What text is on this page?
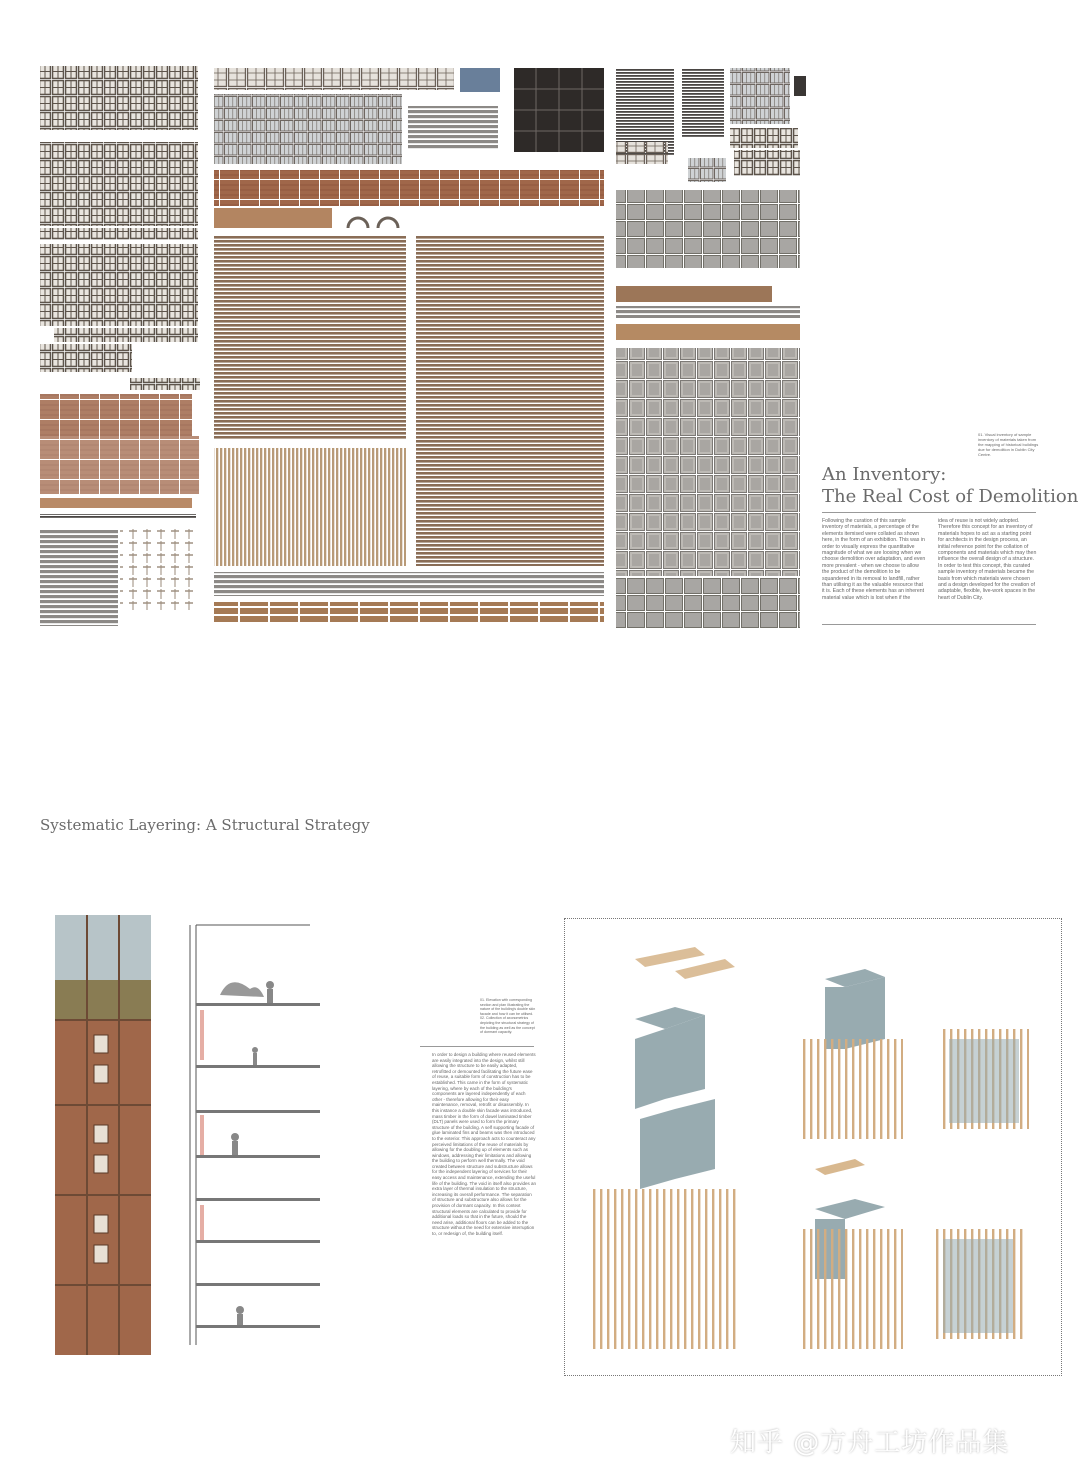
01. Visual inventory of sample inventory of materials taken from the mapping of historical buildings due for demolition in Dublin City Centre.
An Inventory:
The Real Cost of Demolition
Following the curation of this sample inventory of materials, a percentage of the elements itemised were collated as shown here, in the form of an exhibition. This was in order to visually express the quantitative magnitude of what we are loosing when we choose demolition over adaptation, and even more prevalent - when we choose to allow the product of the demolition to be squandered in its removal to landfill, rather than utilising it as the valuable resource that it is. Each of these elements has an inherent material value which is lost when if the
idea of reuse is not widely adopted. Therefore this concept for an inventory of materials hopes to act as a starting point for architects in the design process, an initial reference point for the collation of components and materials which may then influence the overall design of a structure. In order to test this concept, this curated sample inventory of materials became the basis from which materials were chosen and a design developed for the creation of adaptable, flexible, live-work spaces in the heart of Dublin City.
Systematic Layering: A Structural Strategy
01. Elevation with corresponding section and plan illustrating the nature of the building's double skin facade and how it can be utilised. 02. Collection of axonometrics depicting the structural strategy of the building as well as the concept of dormant capacity.
In order to design a building where reused elements are easily integrated into the design, whilst still allowing the structure to be easily adapted, retrofitted or demounted facilitating the future ease of reuse, a suitable form of construction has to be established. This came in the form of systematic layering, where by each of the building's components are layered independently of each other - therefore allowing for their easy maintenance, removal, retrofit or disassembly. In this instance a double skin facade was introduced, mass timber in the form of dowel laminated timber (DLT) panels were used to form the primary structure of the building. A self supporting facade of glue laminated fins and beams was then introduced to the exterior. This approach acts to counteract any perceived limitations of the reuse of materials by allowing for the doubling up of elements such as windows, addressing their limitations and allowing the building to perform well thermally. The void created between structure and substructure allows for the independent layering of services for their easy access and maintenance, extending the useful life of the building. The void in itself also provides an extra layer of thermal insulation to the structure, increasing its overall performance. The separation of structure and substructure also allows for the provision of dormant capacity. In this context structural elements are calculated to provide for additional loads so that in the future, should the need arise, additional floors can be added to the structure without the need for extensive interruption to, or redesign of, the building itself.
知乎 @方舟工坊作品集
